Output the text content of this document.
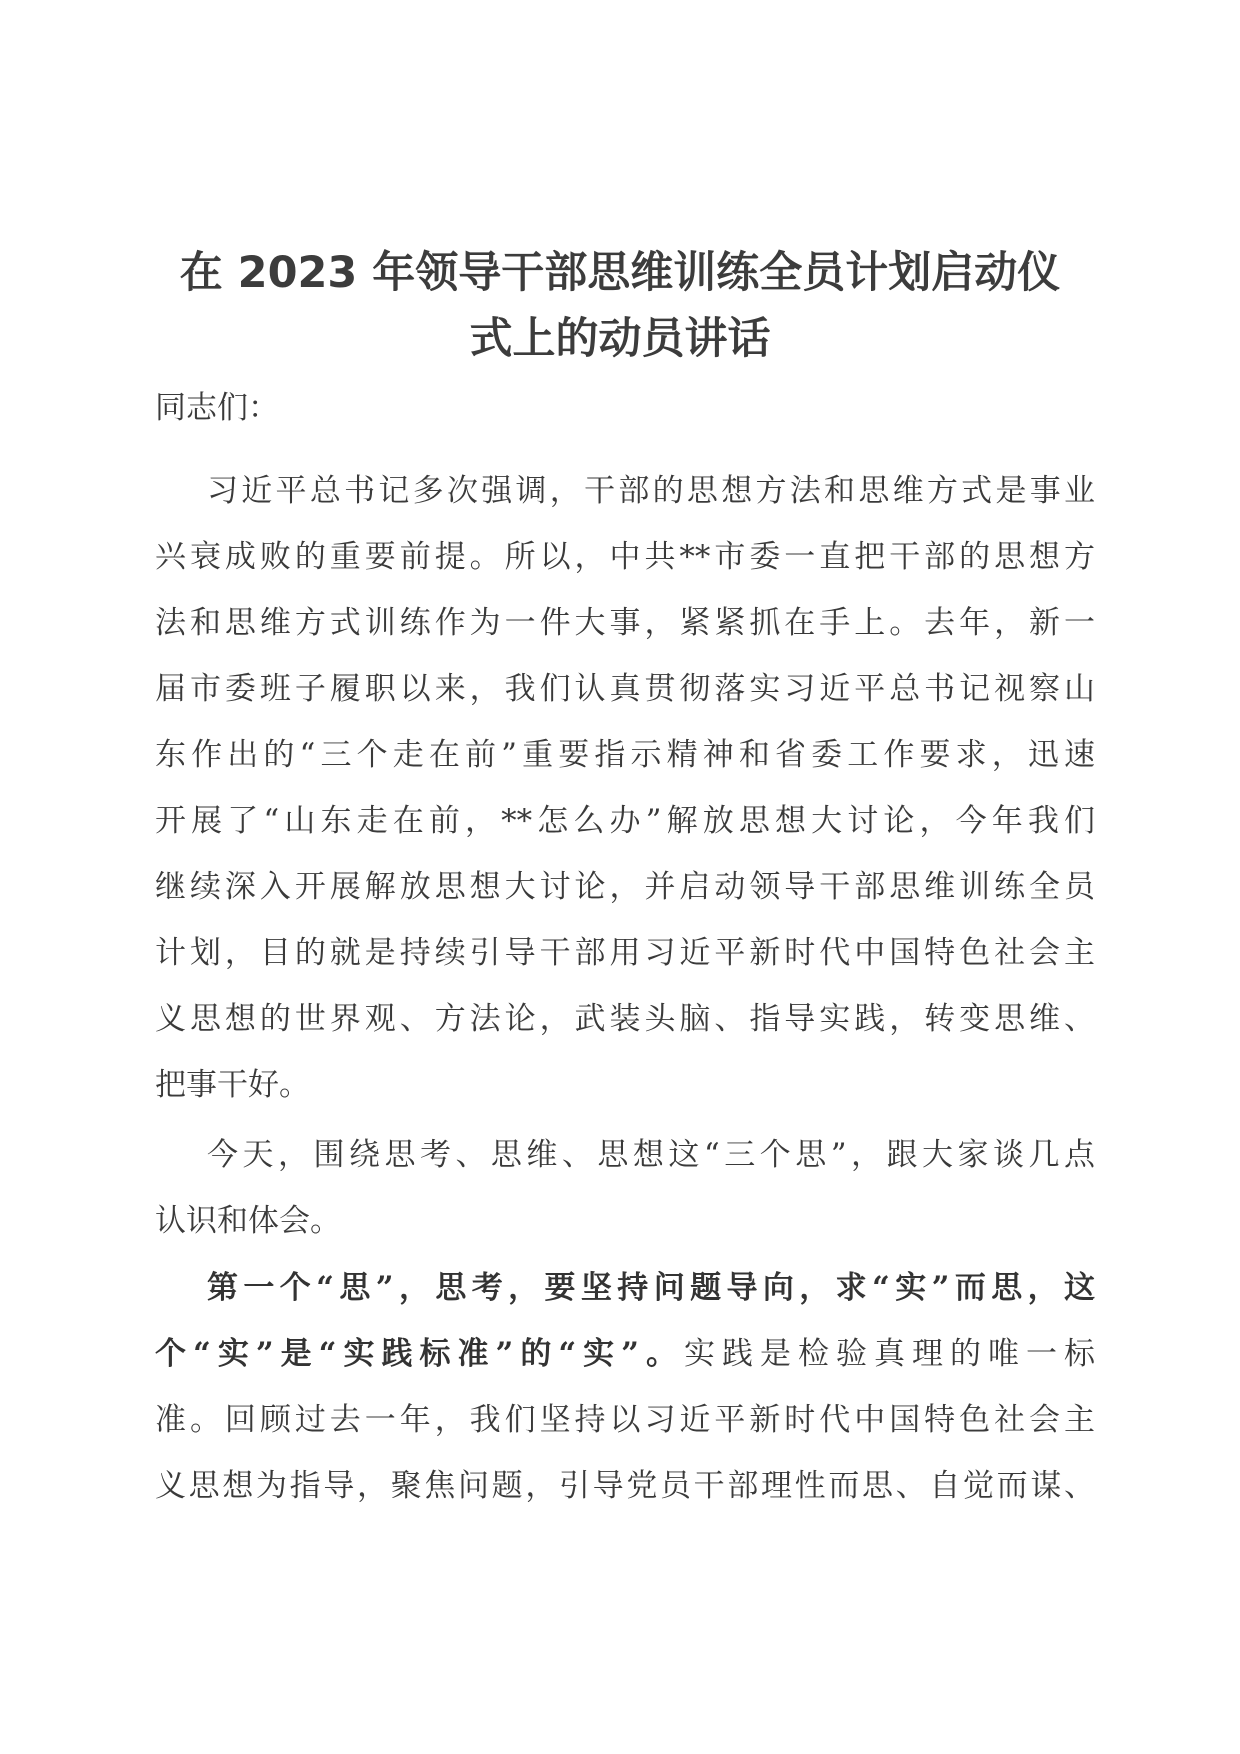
在 2023 年领导干部思维训练全员计划启动仪
式上的动员讲话
同志们：
习近平总书记多次强调，干部的思想方法和思维方式是事业
兴衰成败的重要前提。所以，中共**市委一直把干部的思想方
法和思维方式训练作为一件大事，紧紧抓在手上。去年，新一
届市委班子履职以来，我们认真贯彻落实习近平总书记视察山
东作出的“三个走在前”重要指示精神和省委工作要求，迅速
开展了“山东走在前，**怎么办”解放思想大讨论，今年我们
继续深入开展解放思想大讨论，并启动领导干部思维训练全员
计划，目的就是持续引导干部用习近平新时代中国特色社会主
义思想的世界观、方法论，武装头脑、指导实践，转变思维、
把事干好。
今天，围绕思考、思维、思想这“三个思”，跟大家谈几点
认识和体会。
第一个“思”，思考，要坚持问题导向，求“实”而思，这
个“实”是“实践标准”的“实”。实践是检验真理的唯一标
准。回顾过去一年，我们坚持以习近平新时代中国特色社会主
义思想为指导，聚焦问题，引导党员干部理性而思、自觉而谋、
